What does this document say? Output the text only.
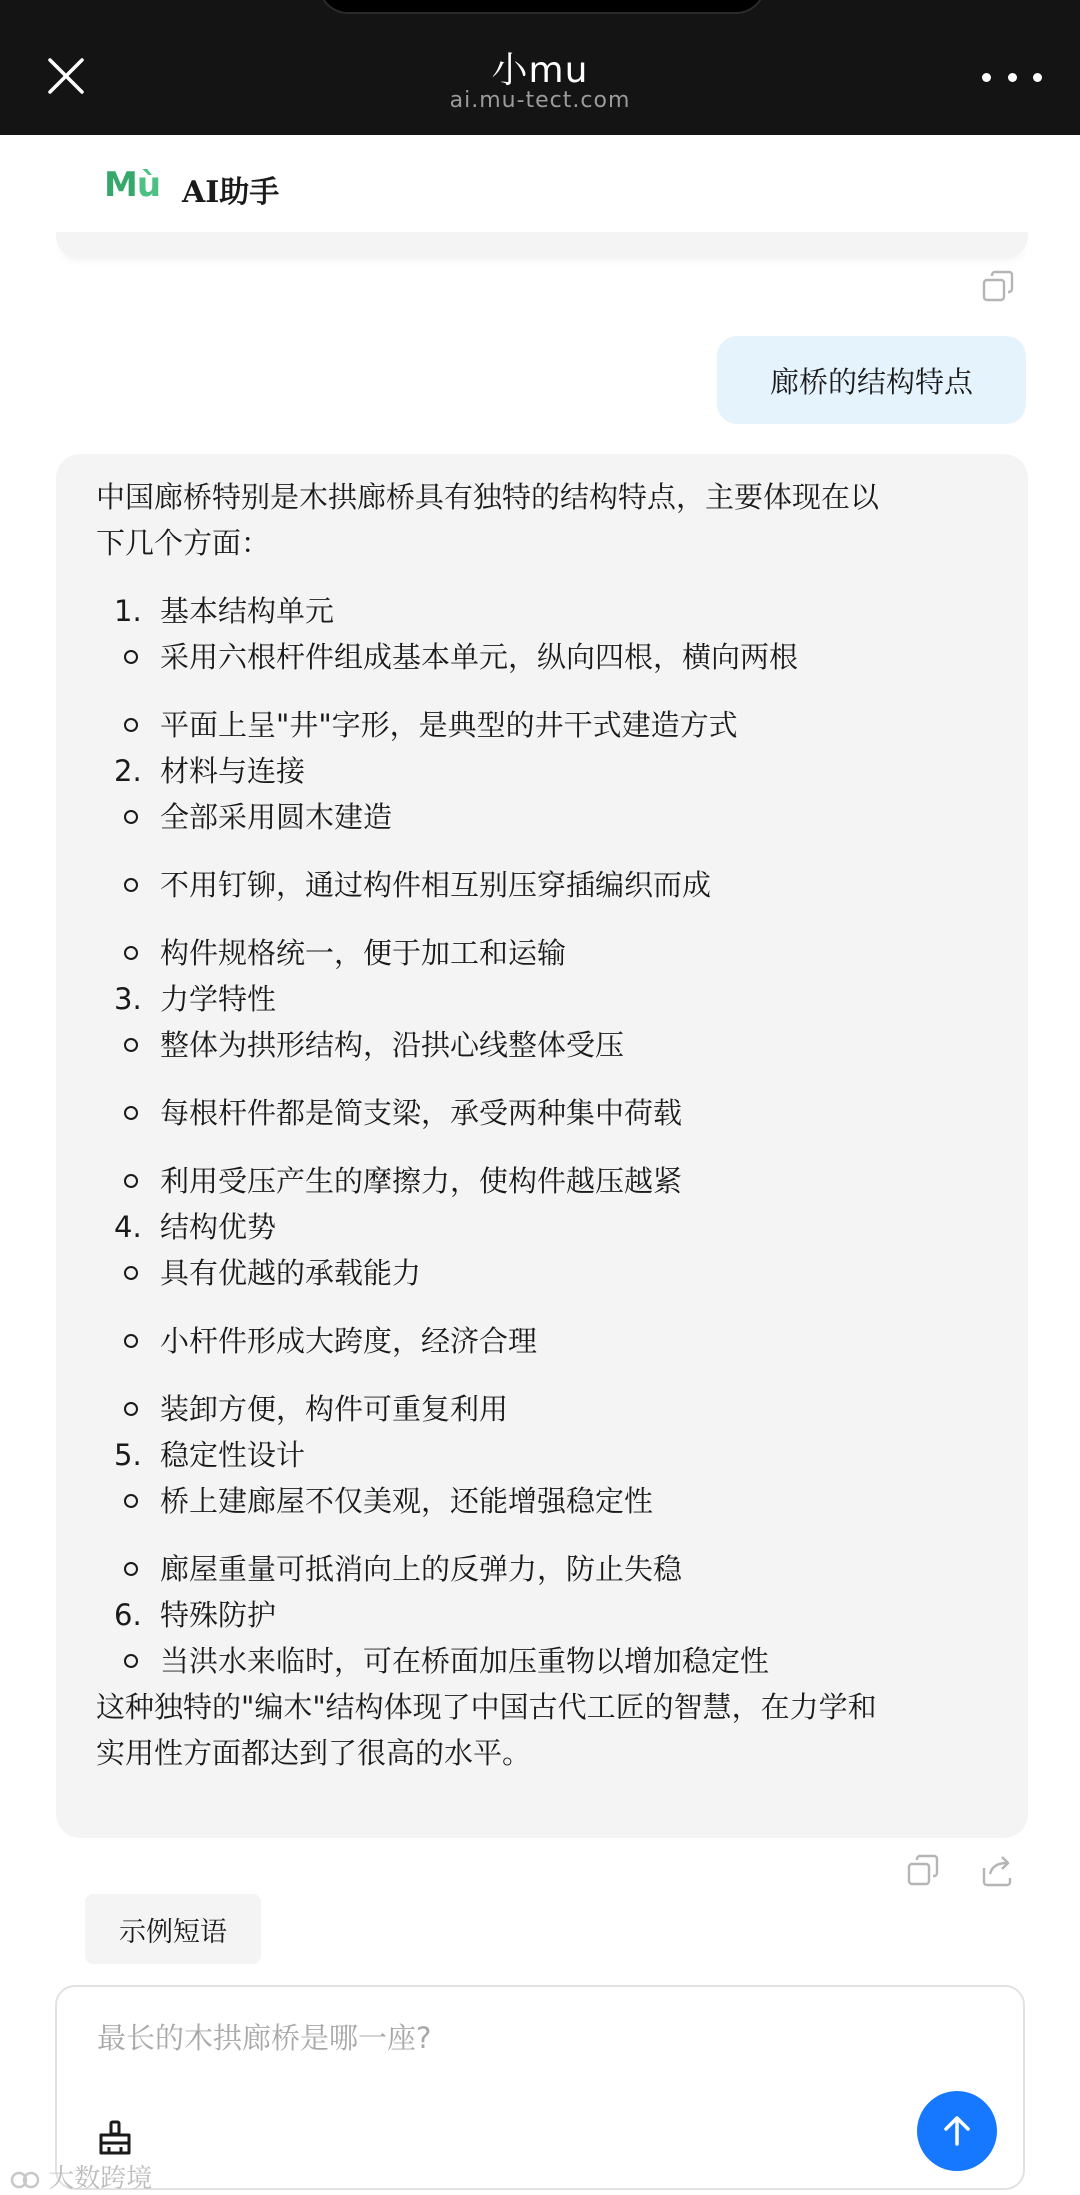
小mu
ai.mu-tect.com
Mù AI助手
廊桥的结构特点
中国廊桥特别是木拱廊桥具有独特的结构特点，主要体现在以
下几个方面：
1. 基本结构单元
采用六根杆件组成基本单元，纵向四根，横向两根
平面上呈"井"字形，是典型的井干式建造方式
2. 材料与连接
全部采用圆木建造
不用钉铆，通过构件相互别压穿插编织而成
构件规格统一，便于加工和运输
3. 力学特性
整体为拱形结构，沿拱心线整体受压
每根杆件都是简支梁，承受两种集中荷载
利用受压产生的摩擦力，使构件越压越紧
4. 结构优势
具有优越的承载能力
小杆件形成大跨度，经济合理
装卸方便，构件可重复利用
5. 稳定性设计
桥上建廊屋不仅美观，还能增强稳定性
廊屋重量可抵消向上的反弹力，防止失稳
6. 特殊防护
当洪水来临时，可在桥面加压重物以增加稳定性
这种独特的"编木"结构体现了中国古代工匠的智慧，在力学和
实用性方面都达到了很高的水平。
示例短语
最长的木拱廊桥是哪一座?
大数跨境
